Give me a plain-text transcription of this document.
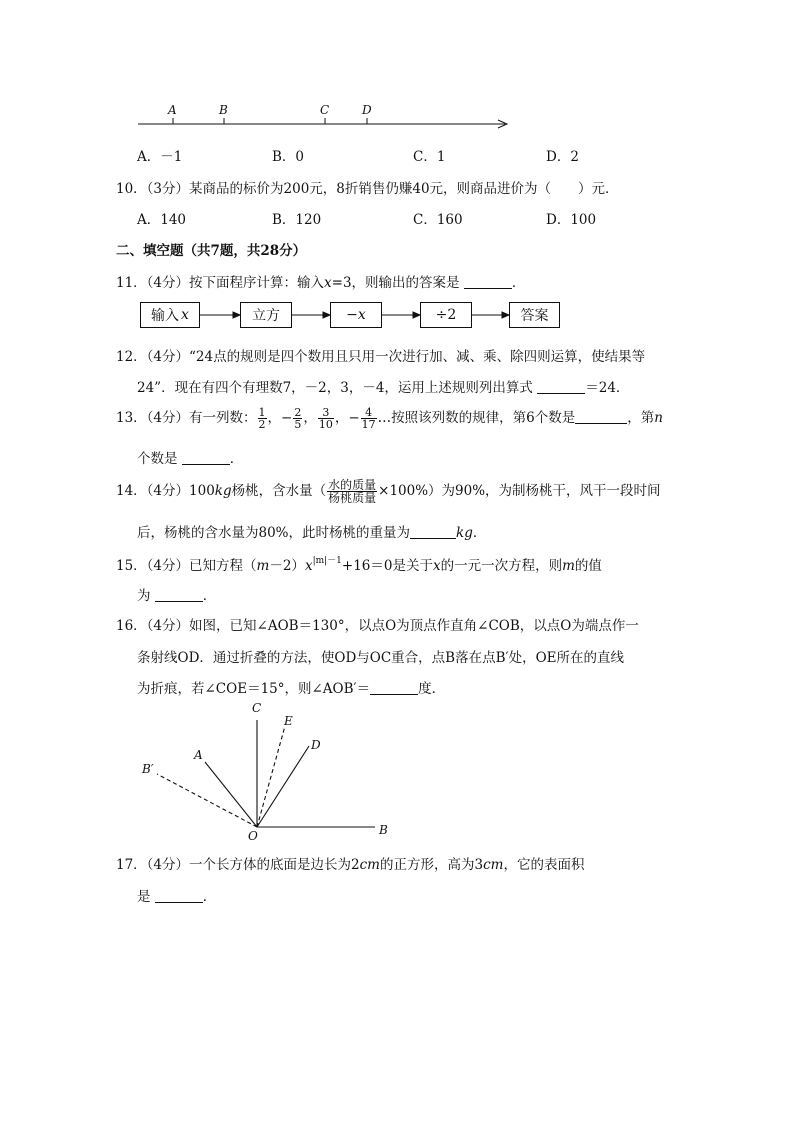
A	B	C	D
A．－1	B．0	C．1	D．2
10．（3分）某商品的标价为200元，8折销售仍赚40元，则商品进价为（　　）元．
A．140	B．120	C．160	D．100
二、填空题（共7题，共28分）
11．（4分）按下面程序计算：输入x=3，则输出的答案是	．
输入 x	立方	− x	÷2	答案
12．（4分）“24点的规则是四个数用且只用一次进行加、减、乘、除四则运算，使结果等
24”．现在有四个有理数7，－2，3，－4，运用上述规则列出算式	＝24．
13．（4分）有一列数： $\frac{1}{2}$ ，− $\frac{2}{5}$ ， $\frac{3}{10}$ ，− $\frac{4}{17}$ …按照该列数的规律，第6个数是	，第n
个数是	．
14．（4分）100kg杨桃，含水量（ $\frac{\text{水的质量}}{\text{杨桃质量}} \times 100\%$）为90%，为制杨桃干，风干一段时间
后，杨桃的含水量为80%，此时杨桃的重量为	kg．
15．（4分）已知方程$(m-2)x^{|m|-1}+16=0$是关于x的一元一次方程，则m的值
为	．
16．（4分）如图，已知∠AOB＝130°，以点O为顶点作直角∠COB，以点O为端点作一
条射线OD．通过折叠的方法，使OD与OC重合，点B落在点B′处，OE所在的直线
为折痕，若∠COE＝15°，则∠AOB′＝	度．
C
E
D
A
B′
O	B
17．（4分）一个长方体的底面是边长为2cm的正方形，高为3cm，它的表面积
是	．
